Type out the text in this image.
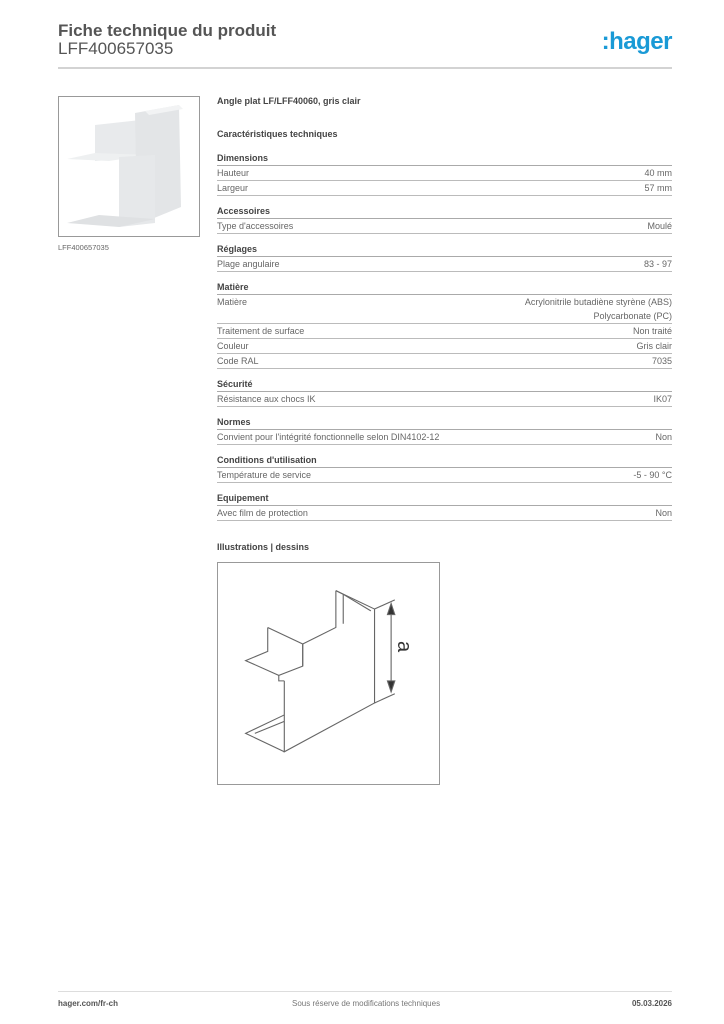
Fiche technique du produit
LFF400657035	:hager
LFF400657035
Angle plat LF/LFF40060, gris clair
Caractéristiques techniques
Dimensions
Hauteur	40 mm
Largeur	57 mm
Accessoires
Type d'accessoires	Moulé
Réglages
Plage angulaire	83 - 97
Matière
Matière	Acrylonitrile butadiène styrène (ABS)
Polycarbonate (PC)
Traitement de surface	Non traité
Couleur	Gris clair
Code RAL	7035
Sécurité
Résistance aux chocs IK	IK07
Normes
Convient pour l'intégrité fonctionnelle selon DIN4102-12	Non
Conditions d'utilisation
Température de service	-5 - 90 °C
Equipement
Avec film de protection	Non
Illustrations | dessins
a
hager.com/fr-ch	Sous réserve de modifications techniques	05.03.2026
